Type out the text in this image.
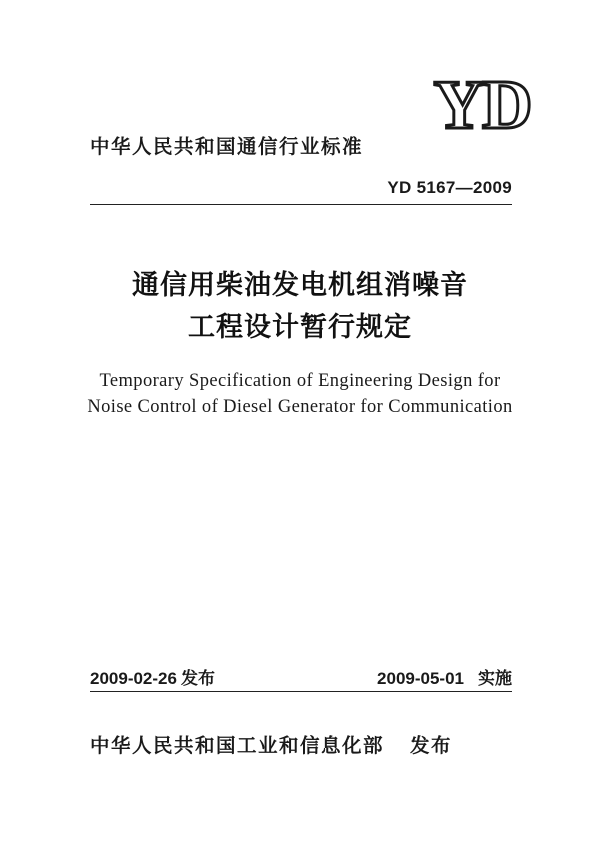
YD
中华人民共和国通信行业标准
YD 5167—2009
通信用柴油发电机组消噪音
工程设计暂行规定
Temporary Specification of Engineering Design for
Noise Control of Diesel Generator for Communication
2009-02-26 发布	2009-05-01 实施
中华人民共和国工业和信息化部 发布
